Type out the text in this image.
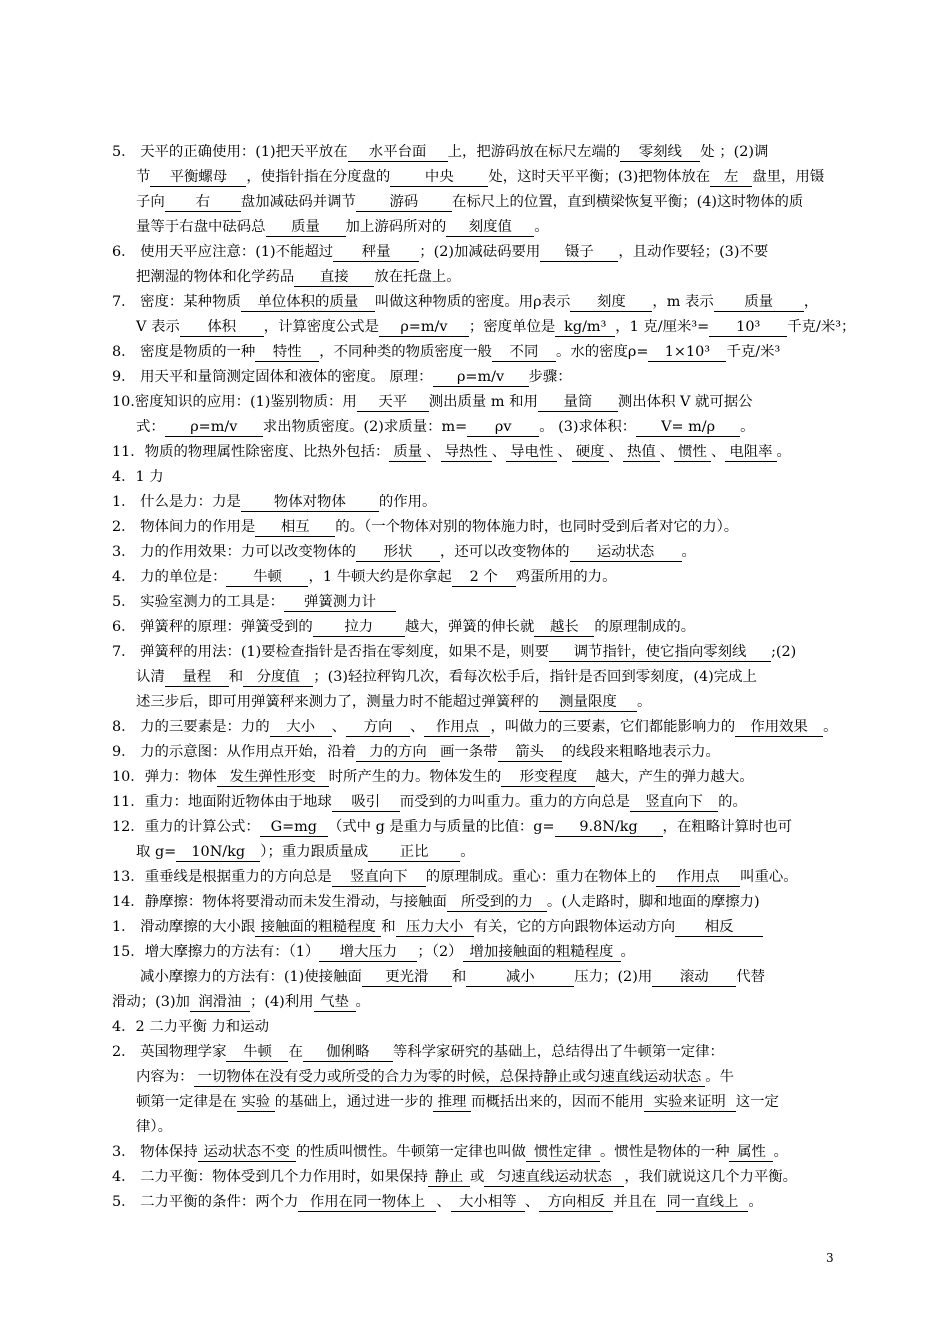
5． 天平的正确使用：(1)把天平放在 水平台面 上，把游码放在标尺左端的 零刻线 处 ；(2)调
节 平衡螺母 ，使指针指在分度盘的 中央 处，这时天平平衡；(3)把物体放在 左 盘里，用镊
子向 右 盘加减砝码并调节 游码 在标尺上的位置，直到横梁恢复平衡；(4)这时物体的质
量等于右盘中砝码总 质量 加上游码所对的 刻度值 。
6． 使用天平应注意：(1)不能超过 秤量 ；(2)加减砝码要用 镊子 ，且动作要轻；(3)不要
把潮湿的物体和化学药品 直接 放在托盘上。
7． 密度：某种物质 单位体积的质量 叫做这种物质的密度。用ρ表示 刻度 ，m 表示 质量 ，
V 表示 体积 ，计算密度公式是 ρ=m/v ；密度单位是 kg/m³ ，1 克/厘米³= 10³ 千克/米³；
8． 密度是物质的一种 特性 ，不同种类的物质密度一般 不同 。水的密度ρ= 1×10³ 千克/米³
9． 用天平和量筒测定固体和液体的密度。 原理： ρ=m/v 步骤：
10.密度知识的应用：(1)鉴别物质：用 天平 测出质量 m 和用 量筒 测出体积 V 就可据公
式： ρ=m/v 求出物质密度。(2)求质量：m= ρv 。 (3)求体积： V= m/ρ 。
11．物质的物理属性除密度、比热外包括： 质量 、 导热性 、 导电性 、 硬度 、 热值 、 惯性 、 电阻率 。
4．1 力
1． 什么是力：力是 物体对物体 的作用。
2． 物体间力的作用是 相互 的。（一个物体对别的物体施力时，也同时受到后者对它的力）。
3． 力的作用效果：力可以改变物体的 形状 ，还可以改变物体的 运动状态 。
4． 力的单位是： 牛顿 ，1 牛顿大约是你拿起 2 个 鸡蛋所用的力。
5． 实验室测力的工具是： 弹簧测力计
6． 弹簧秤的原理：弹簧受到的 拉力 越大，弹簧的伸长就 越长 的原理制成的。
7． 弹簧秤的用法：(1)要检查指针是否指在零刻度，如果不是，则要 调节指针，使它指向零刻线 ;(2)
认清 量程 和 分度值 ；(3)轻拉秤钩几次，看每次松手后，指针是否回到零刻度，(4)完成上
述三步后，即可用弹簧秤来测力了，测量力时不能超过弹簧秤的 测量限度 。
8． 力的三要素是：力的 大小 、 方向 、 作用点 ，叫做力的三要素，它们都能影响力的 作用效果 。
9． 力的示意图：从作用点开始，沿着 力的方向 画一条带 箭头 的线段来粗略地表示力。
10．弹力：物体 发生弹性形变 时所产生的力。物体发生的 形变程度 越大，产生的弹力越大。
11．重力：地面附近物体由于地球 吸引 而受到的力叫重力。重力的方向总是 竖直向下 的。
12．重力的计算公式： G=mg （式中 g 是重力与质量的比值：g= 9.8N/kg ，在粗略计算时也可
取 g= 10N/kg ）；重力跟质量成 正比 。
13．重垂线是根据重力的方向总是 竖直向下 的原理制成。重心：重力在物体上的 作用点 叫重心。
14．静摩擦：物体将要滑动而未发生滑动，与接触面 所受到的力 。(人走路时，脚和地面的摩擦力)
1． 滑动摩擦的大小跟 接触面的粗糙程度 和 压力大小 有关，它的方向跟物体运动方向 相反
15．增大摩擦力的方法有：（1） 增大压力 ；（2） 增加接触面的粗糙程度 。
减小摩擦力的方法有：(1)使接触面 更光滑 和	减小	压力；(2)用 滚动 代替
滑动；(3)加 润滑油 ；(4)利用 气垫 。
4．2 二力平衡 力和运动
2． 英国物理学家 牛顿 在 伽俐略 等科学家研究的基础上，总结得出了牛顿第一定律：
内容为： 一切物体在没有受力或所受的合力为零的时候，总保持静止或匀速直线运动状态 。牛
顿第一定律是在 实验 的基础上，通过进一步的 推理 而概括出来的，因而不能用 实验来证明 这一定
律）。
3． 物体保持 运动状态不变 的性质叫惯性。牛顿第一定律也叫做 惯性定律 。惯性是物体的一种 属性 。
4． 二力平衡：物体受到几个力作用时，如果保持 静止 或 匀速直线运动状态 ，我们就说这几个力平衡。
5． 二力平衡的条件：两个力 作用在同一物体上 、 大小相等 、 方向相反 并且在 同一直线上 。
3
